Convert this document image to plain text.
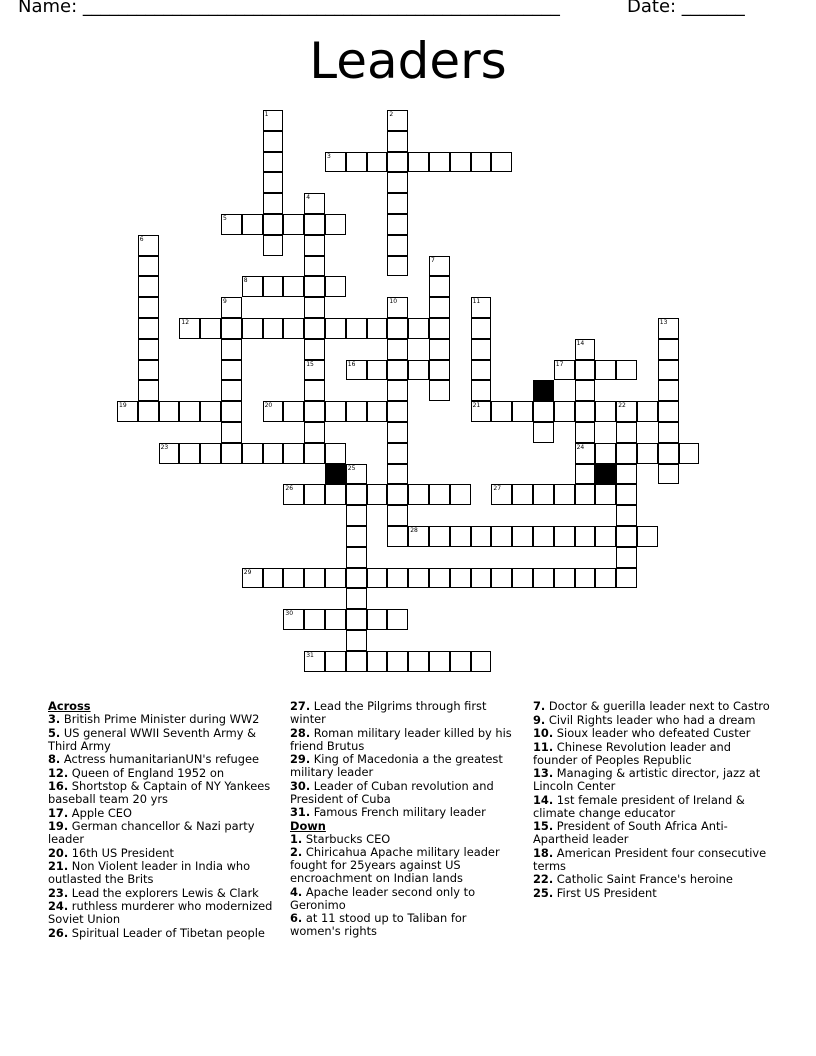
Name: _____________________________________________________	Date: _______
Leaders
1	2
3
4
15
5
6
7
8
9	10	11
21
12	13
14
24
16	17
19	20	22
23
25
26	27
28
29
30
31
Across
3. British Prime Minister during WW2
5. US general WWII Seventh Army & Third Army
8. Actress humanitarianUN's refugee
12. Queen of England 1952 on
16. Shortstop & Captain of NY Yankees baseball team 20 yrs
17. Apple CEO
19. German chancellor & Nazi party leader
20. 16th US President
21. Non Violent leader in India who outlasted the Brits
23. Lead the explorers Lewis & Clark
24. ruthless murderer who modernized Soviet Union
26. Spiritual Leader of Tibetan people
27. Lead the Pilgrims through first winter
28. Roman military leader killed by his friend Brutus
29. King of Macedonia a the greatest military leader
30. Leader of Cuban revolution and President of Cuba
31. Famous French military leader
Down
1. Starbucks CEO
2. Chiricahua Apache military leader fought for 25years against US encroachment on Indian lands
4. Apache leader second only to Geronimo
6. at 11 stood up to Taliban for women's rights
7. Doctor & guerilla leader next to Castro
9. Civil Rights leader who had a dream
10. Sioux leader who defeated Custer
11. Chinese Revolution leader and founder of Peoples Republic
13. Managing & artistic director, jazz at Lincoln Center
14. 1st female president of Ireland & climate change educator
15. President of South Africa Anti-Apartheid leader
18. American President four consecutive terms
22. Catholic Saint France's heroine
25. First US President
